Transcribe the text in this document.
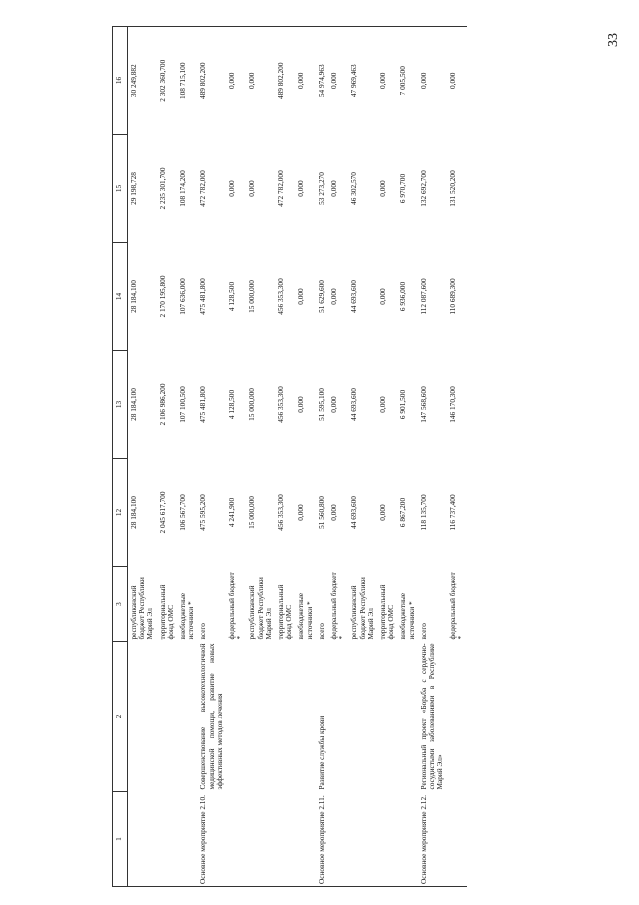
33
1	2	3	12	13	14	15	16
		республиканский бюджет Республики Марий Эл	28 184,100	28 184,100	28 184,100	29 198,728	30 249,882
		территориальный фонд ОМС	2 045 617,700	2 106 986,200	2 170 195,800	2 235 301,700	2 302 360,700
		внебюджетные источники *	106 567,700	107 100,500	107 636,000	108 174,200	108 715,100
Основное мероприятие 2.10.	Совершенствование высокотехнологичной медицинской помощи, развитие новых эффективных методов лечения	всего	475 595,200	475 481,800	475 481,800	472 782,000	489 802,200
		федеральный бюджет *	4 241,900	4 128,500	4 128,500	0,000	0,000
		республиканский бюджет Республики Марий Эл	15 000,000	15 000,000	15 000,000	0,000	0,000
		территориальный фонд ОМС	456 353,300	456 353,300	456 353,300	472 782,000	489 802,200
		внебюджетные источники *	0,000	0,000	0,000	0,000	0,000
Основное мероприятие 2.11.	Развитие службы крови	всего	51 560,800	51 595,100	51 629,600	53 273,270	54 974,963
		федеральный бюджет *	0,000	0,000	0,000	0,000	0,000
		республиканский бюджет Республики Марий Эл	44 693,600	44 693,600	44 693,600	46 302,570	47 969,463
		территориальный фонд ОМС	0,000	0,000	0,000	0,000	0,000
		внебюджетные источники *	6 867,200	6 901,500	6 936,000	6 970,700	7 005,500
Основное мероприятие 2.12.	Региональный проект «Борьба с сердечно-сосудистыми заболеваниями в Республике Марий Эл»	всего	118 135,700	147 568,600	112 087,600	132 692,700	0,000
		федеральный бюджет *	116 737,400	146 170,300	110 689,300	131 520,200	0,000
